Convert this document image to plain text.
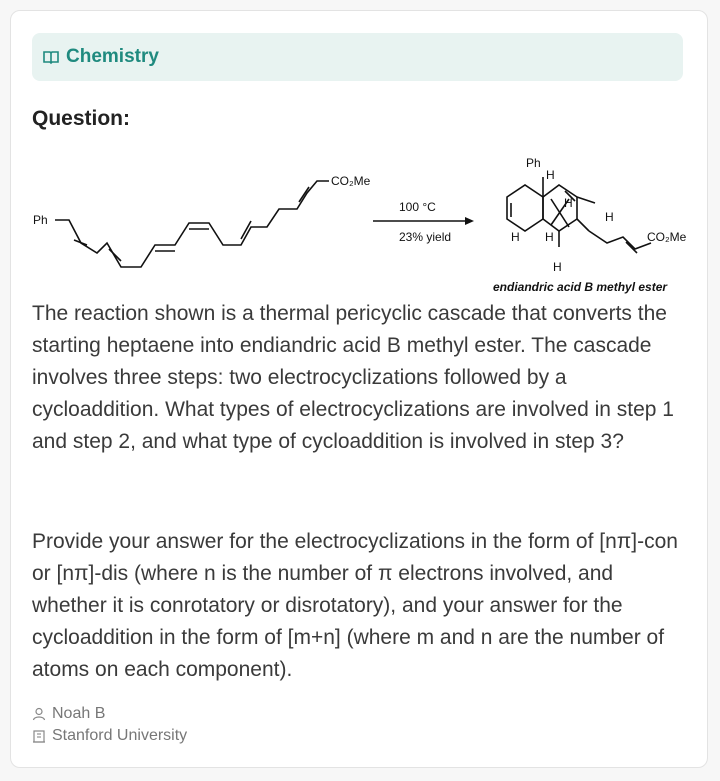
Chemistry
Question:
Ph
CO₂Me
100 °C
23% yield
Ph
H
H
H
H H
H
CO₂Me
endiandric acid B methyl ester

The reaction shown is a thermal pericyclic cascade that converts the starting heptaene into endiandric acid B methyl ester. The cascade involves three steps: two electrocyclizations followed by a cycloaddition. What types of electrocyclizations are involved in step 1 and step 2, and what type of cycloaddition is involved in step 3?

Provide your answer for the electrocyclizations in the form of [nπ]-con or [nπ]-dis (where n is the number of π electrons involved, and whether it is conrotatory or disrotatory), and your answer for the cycloaddition in the form of [m+n] (where m and n are the number of atoms on each component).

Noah B
Stanford University
